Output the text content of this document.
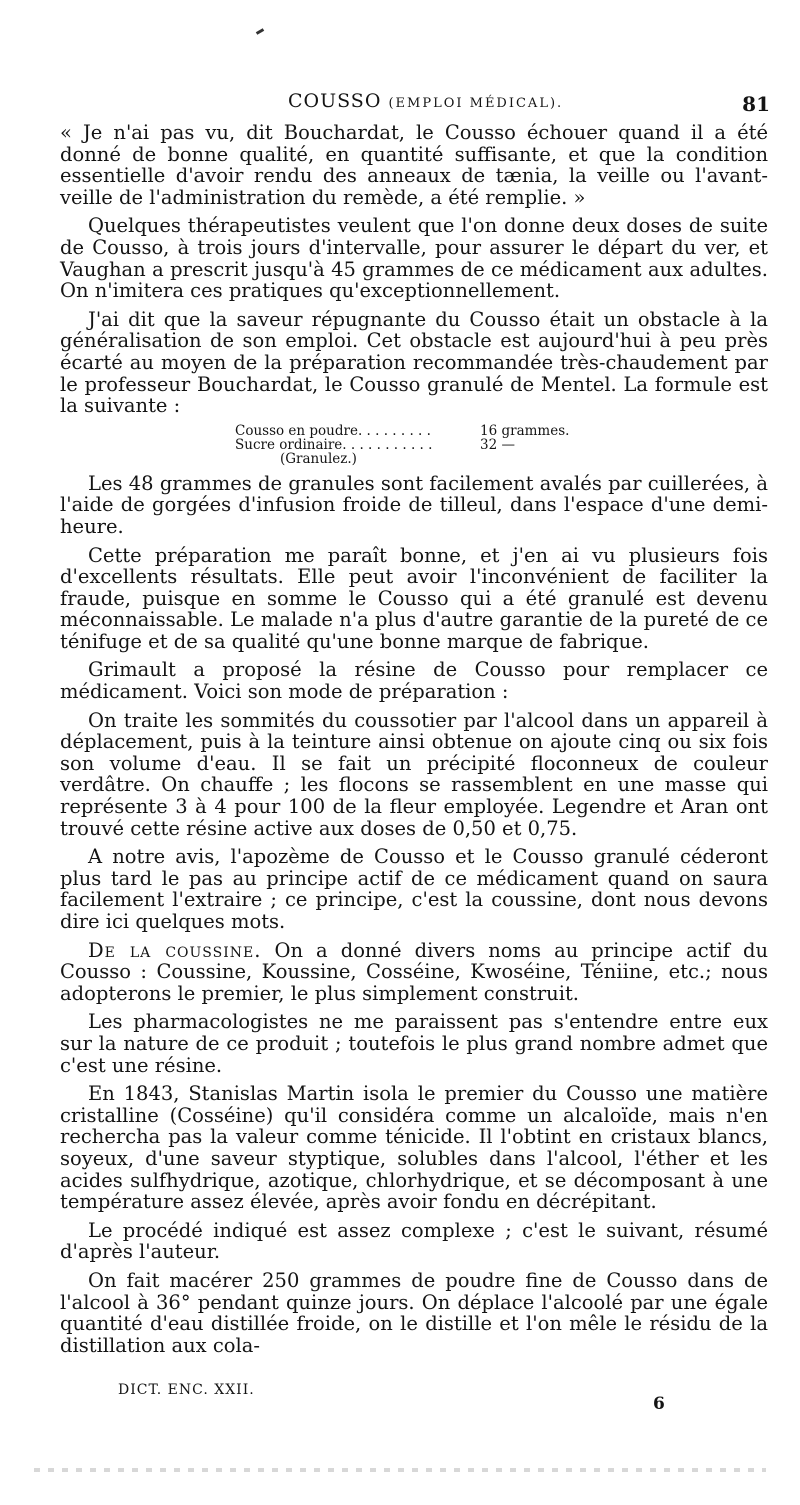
COUSSO (EMPLOI MÉDICAL).	81

« Je n'ai pas vu, dit Bouchardat, le Cousso échouer quand il a été donné de bonne qualité, en quantité suffisante, et que la condition essentielle d'avoir rendu des anneaux de tænia, la veille ou l'avant-veille de l'administration du remède, a été remplie. »

Quelques thérapeutistes veulent que l'on donne deux doses de suite de Cousso, à trois jours d'intervalle, pour assurer le départ du ver, et Vaughan a prescrit jusqu'à 45 grammes de ce médicament aux adultes. On n'imitera ces pratiques qu'exceptionnellement.

J'ai dit que la saveur répugnante du Cousso était un obstacle à la généralisation de son emploi. Cet obstacle est aujourd'hui à peu près écarté au moyen de la préparation recommandée très-chaudement par le professeur Bouchardat, le Cousso granulé de Mentel. La formule est la suivante :

Cousso en poudre. . . . . . . . .	16 grammes.
Sucre ordinaire. . . . . . . . . . .	32 —
(Granulez.)

Les 48 grammes de granules sont facilement avalés par cuillerées, à l'aide de gorgées d'infusion froide de tilleul, dans l'espace d'une demi-heure.

Cette préparation me paraît bonne, et j'en ai vu plusieurs fois d'excellents résultats. Elle peut avoir l'inconvénient de faciliter la fraude, puisque en somme le Cousso qui a été granulé est devenu méconnaissable. Le malade n'a plus d'autre garantie de la pureté de ce ténifuge et de sa qualité qu'une bonne marque de fabrique.

Grimault a proposé la résine de Cousso pour remplacer ce médicament. Voici son mode de préparation :

On traite les sommités du coussotier par l'alcool dans un appareil à déplacement, puis à la teinture ainsi obtenue on ajoute cinq ou six fois son volume d'eau. Il se fait un précipité floconneux de couleur verdâtre. On chauffe ; les flocons se rassemblent en une masse qui représente 3 à 4 pour 100 de la fleur employée. Legendre et Aran ont trouvé cette résine active aux doses de 0,50 et 0,75.

A notre avis, l'apozème de Cousso et le Cousso granulé céderont plus tard le pas au principe actif de ce médicament quand on saura facilement l'extraire ; ce principe, c'est la coussine, dont nous devons dire ici quelques mots.

De la coussine. On a donné divers noms au principe actif du Cousso : Coussine, Koussine, Cosséine, Kwoséine, Téniine, etc.; nous adopterons le premier, le plus simplement construit.

Les pharmacologistes ne me paraissent pas s'entendre entre eux sur la nature de ce produit ; toutefois le plus grand nombre admet que c'est une résine.

En 1843, Stanislas Martin isola le premier du Cousso une matière cristalline (Cosséine) qu'il considéra comme un alcaloïde, mais n'en rechercha pas la valeur comme ténicide. Il l'obtint en cristaux blancs, soyeux, d'une saveur styptique, solubles dans l'alcool, l'éther et les acides sulfhydrique, azotique, chlorhydrique, et se décomposant à une température assez élevée, après avoir fondu en décrépitant.

Le procédé indiqué est assez complexe ; c'est le suivant, résumé d'après l'auteur.

On fait macérer 250 grammes de poudre fine de Cousso dans de l'alcool à 36° pendant quinze jours. On déplace l'alcoolé par une égale quantité d'eau distillée froide, on le distille et l'on mêle le résidu de la distillation aux cola-

DICT. ENC. XXII.
6
